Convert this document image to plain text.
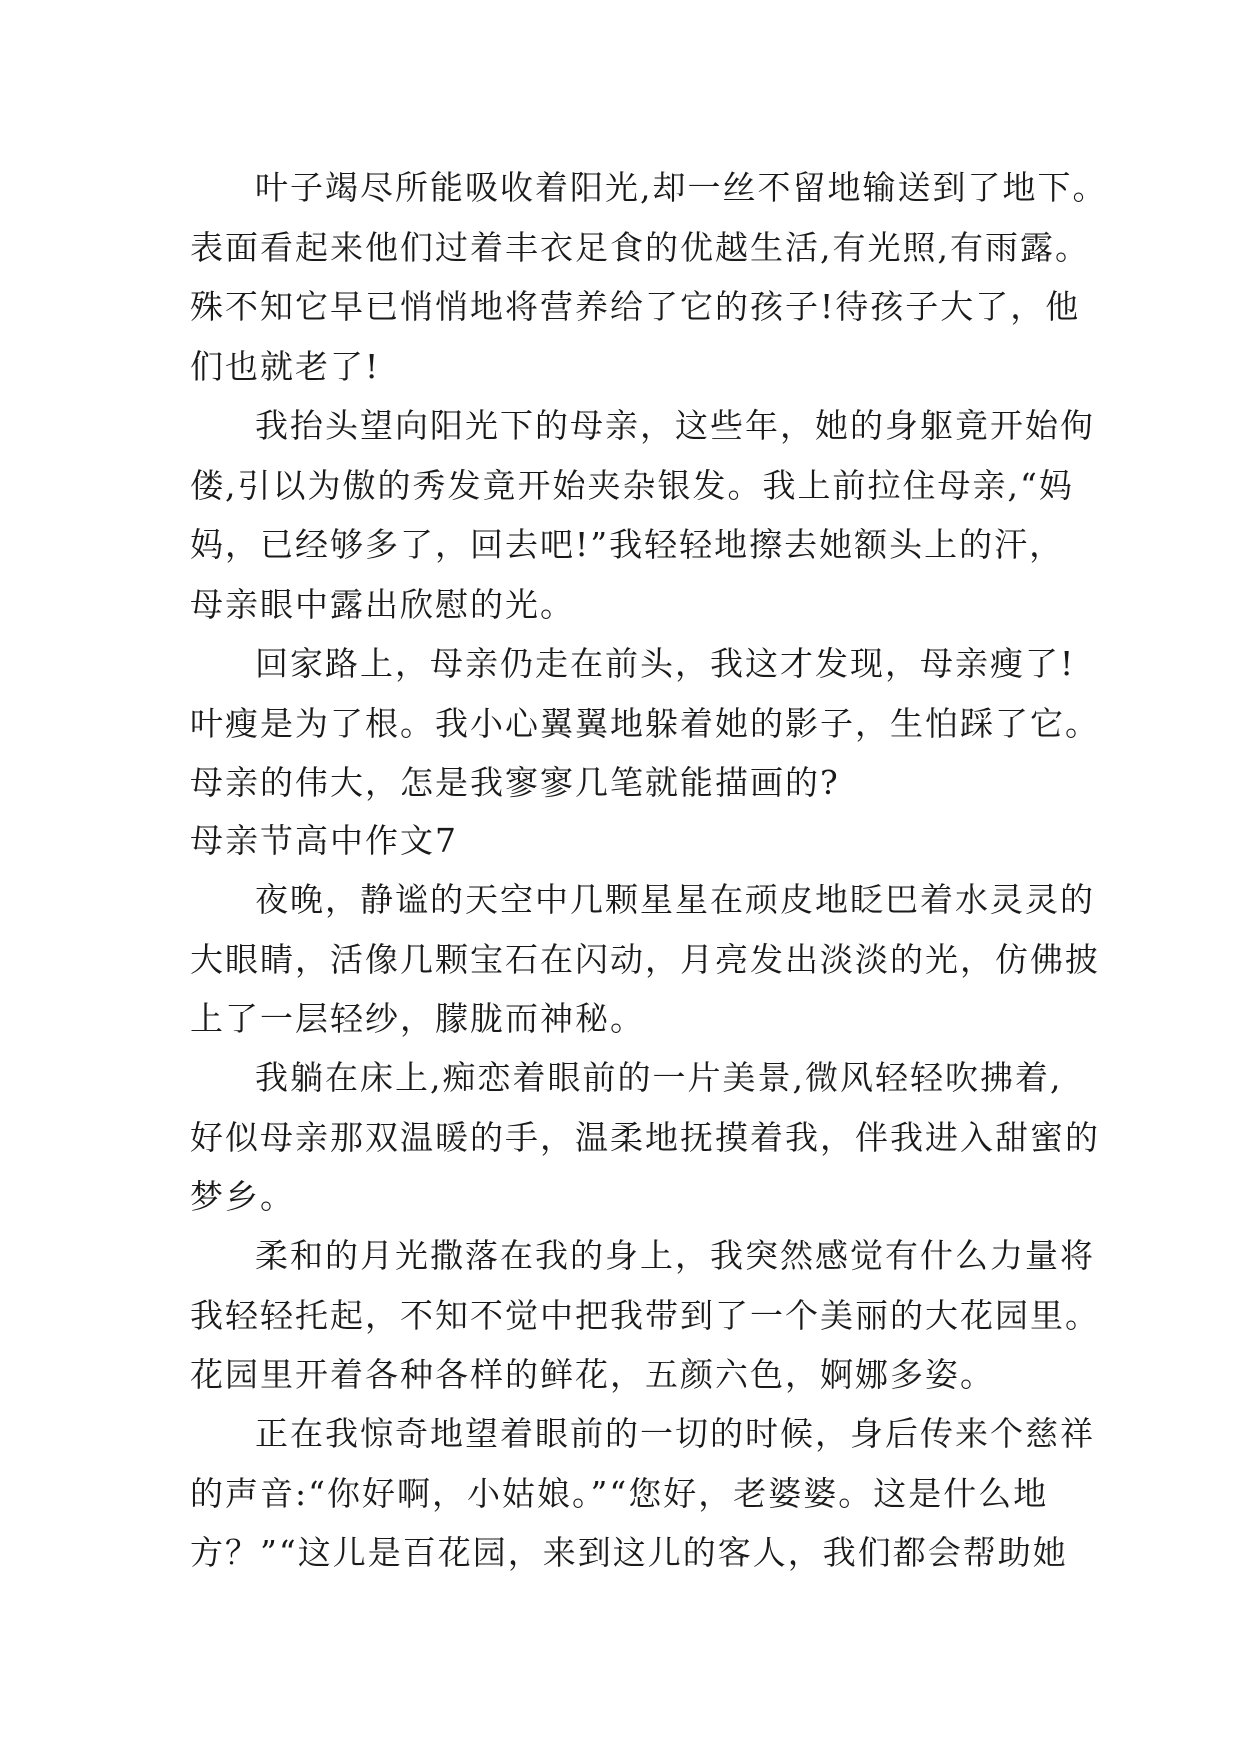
叶子竭尽所能吸收着阳光,却一丝不留地输送到了地下。
表面看起来他们过着丰衣足食的优越生活,有光照,有雨露。
殊不知它早已悄悄地将营养给了它的孩子!待孩子大了，他
们也就老了!
我抬头望向阳光下的母亲，这些年，她的身躯竟开始佝
偻,引以为傲的秀发竟开始夹杂银发。我上前拉住母亲,“妈
妈，已经够多了，回去吧!”我轻轻地擦去她额头上的汗，
母亲眼中露出欣慰的光。
回家路上，母亲仍走在前头，我这才发现，母亲瘦了!
叶瘦是为了根。我小心翼翼地躲着她的影子，生怕踩了它。
母亲的伟大，怎是我寥寥几笔就能描画的?
母亲节高中作文7
夜晚，静谧的天空中几颗星星在顽皮地眨巴着水灵灵的
大眼睛，活像几颗宝石在闪动，月亮发出淡淡的光，仿佛披
上了一层轻纱，朦胧而神秘。
我躺在床上,痴恋着眼前的一片美景,微风轻轻吹拂着,
好似母亲那双温暖的手，温柔地抚摸着我，伴我进入甜蜜的
梦乡。
柔和的月光撒落在我的身上，我突然感觉有什么力量将
我轻轻托起，不知不觉中把我带到了一个美丽的大花园里。
花园里开着各种各样的鲜花，五颜六色，婀娜多姿。
正在我惊奇地望着眼前的一切的时候，身后传来个慈祥
的声音:“你好啊，小姑娘。”“您好，老婆婆。这是什么地
方？”“这儿是百花园，来到这儿的客人，我们都会帮助她
